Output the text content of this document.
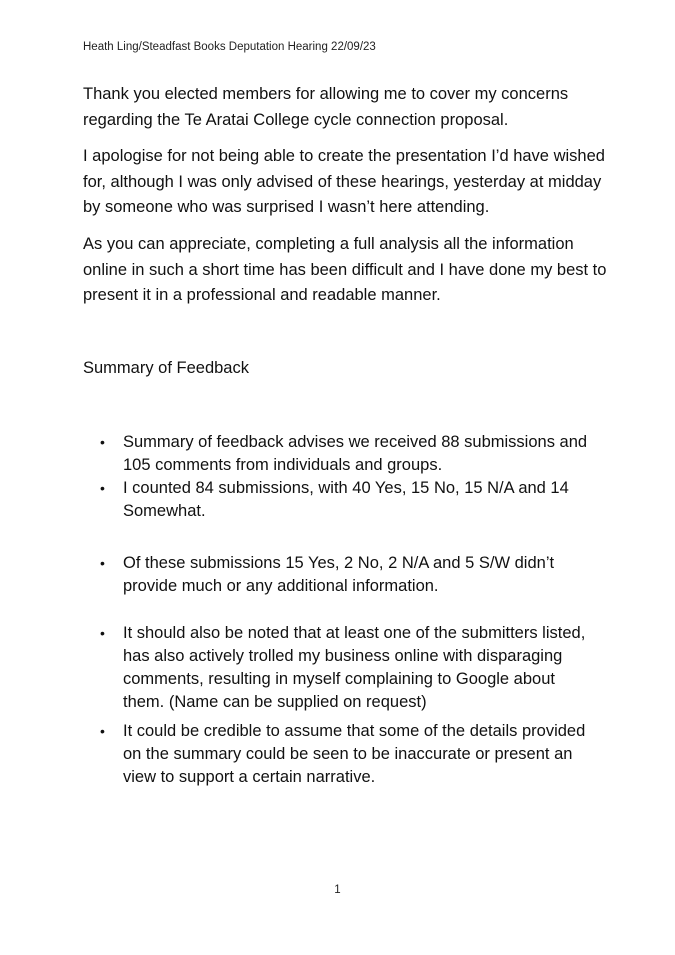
Heath Ling/Steadfast Books Deputation Hearing 22/09/23

Thank you elected members for allowing me to cover my concerns regarding the Te Aratai College cycle connection proposal.

I apologise for not being able to create the presentation I’d have wished for, although I was only advised of these hearings, yesterday at midday by someone who was surprised I wasn’t here attending.

As you can appreciate, completing a full analysis all the information online in such a short time has been difficult and I have done my best to present it in a professional and readable manner.

Summary of Feedback
•	Summary of feedback advises we received 88 submissions and 105 comments from individuals and groups.
•	I counted 84 submissions, with 40 Yes, 15 No, 15 N/A and 14 Somewhat.
•	Of these submissions 15 Yes, 2 No, 2 N/A and 5 S/W didn’t provide much or any additional information.
•	It should also be noted that at least one of the submitters listed, has also actively trolled my business online with disparaging comments, resulting in myself complaining to Google about them. (Name can be supplied on request)
•	It could be credible to assume that some of the details provided on the summary could be seen to be inaccurate or present an view to support a certain narrative.
1
